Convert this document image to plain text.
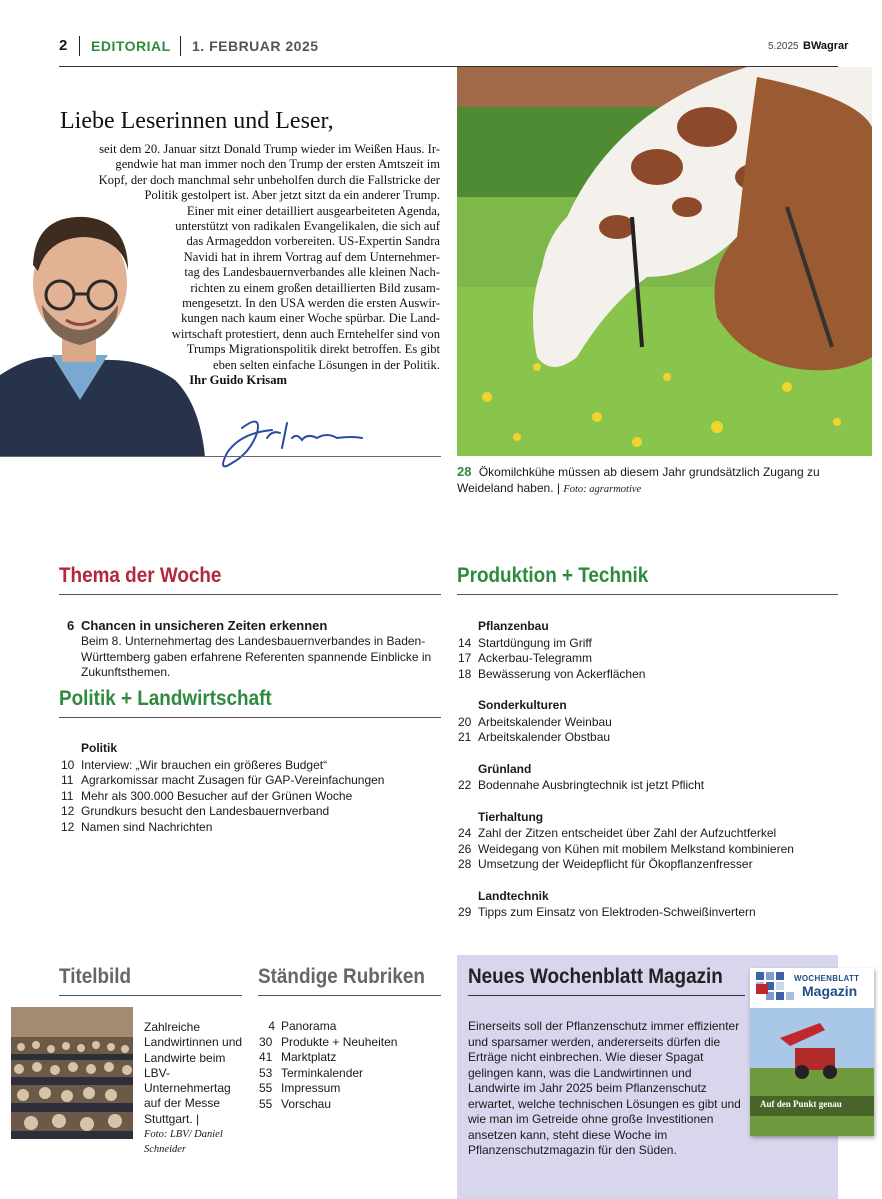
2 EDITORIAL 1. FEBRUAR 2025	5.2025 BWagrar
Liebe Leserinnen und Leser,
seit dem 20. Januar sitzt Donald Trump wieder im Weißen Haus. Ir-
gendwie hat man immer noch den Trump der ersten Amtszeit im
Kopf, der doch manchmal sehr unbeholfen durch die Fallstricke der
Politik gestolpert ist. Aber jetzt sitzt da ein anderer Trump.
Einer mit einer detailliert ausgearbeiteten Agenda,
unterstützt von radikalen Evangelikalen, die sich auf
das Armageddon vorbereiten. US-Expertin Sandra
Navidi hat in ihrem Vortrag auf dem Unternehmer-
tag des Landesbauernverbandes alle kleinen Nach-
richten zu einem großen detaillierten Bild zusam-
mengesetzt. In den USA werden die ersten Auswir-
kungen nach kaum einer Woche spürbar. Die Land-
wirtschaft protestiert, denn auch Erntehelfer sind von
Trumps Migrationspolitik direkt betroffen. Es gibt
eben selten einfache Lösungen in der Politik.
Ihr Guido Krisam
28 Ökomilchkühe müssen ab diesem Jahr grundsätzlich Zugang zu Weideland haben. | Foto: agrarmotive
Thema der Woche
6 Chancen in unsicheren Zeiten erkennen
Beim 8. Unternehmertag des Landesbauernverbandes in Baden-Württemberg gaben erfahrene Referenten spannende Einblicke in Zukunftsthemen.
Politik + Landwirtschaft
Politik
10 Interview: „Wir brauchen ein größeres Budget“
11 Agrarkomissar macht Zusagen für GAP-Vereinfachungen
11 Mehr als 300.000 Besucher auf der Grünen Woche
12 Grundkurs besucht den Landesbauernverband
12 Namen sind Nachrichten
Produktion + Technik
Pflanzenbau
14 Startdüngung im Griff
17 Ackerbau-Telegramm
18 Bewässerung von Ackerflächen
Sonderkulturen
20 Arbeitskalender Weinbau
21 Arbeitskalender Obstbau
Grünland
22 Bodennahe Ausbringtechnik ist jetzt Pflicht
Tierhaltung
24 Zahl der Zitzen entscheidet über Zahl der Aufzuchtferkel
26 Weidegang von Kühen mit mobilem Melkstand kombinieren
28 Umsetzung der Weidepflicht für Ökopflanzenfresser
Landtechnik
29 Tipps zum Einsatz von Elektroden-Schweißinvertern
Titelbild
Zahlreiche Landwirtinnen und Landwirte beim LBV-Unternehmertag auf der Messe Stuttgart. |
Foto: LBV/ Daniel Schneider
Ständige Rubriken
4 Panorama
30 Produkte + Neuheiten
41 Marktplatz
53 Terminkalender
55 Impressum
55 Vorschau
Neues Wochenblatt Magazin
Einerseits soll der Pflanzenschutz immer effizienter und sparsamer werden, andererseits dürfen die Erträge nicht einbrechen. Wie dieser Spagat gelingen kann, was die Landwirtinnen und Landwirte im Jahr 2025 beim Pflanzenschutz erwartet, welche technischen Lösungen es gibt und wie man im Getreide ohne große Investitionen ansetzen kann, steht diese Woche im Pflanzenschutzmagazin für den Süden.
WOCHENBLATT
Magazin
Auf den Punkt genau
